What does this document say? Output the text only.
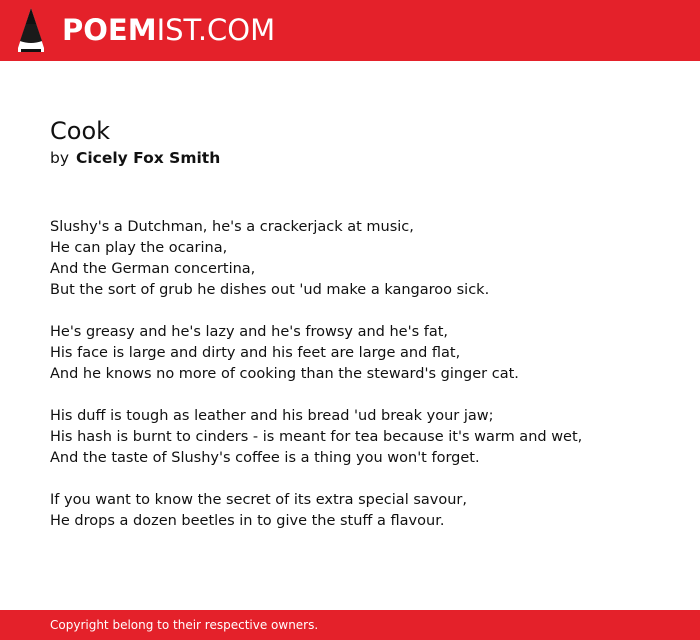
POEMIST.COM
Cook
by Cicely Fox Smith
Slushy's a Dutchman, he's a crackerjack at music,
He can play the ocarina,
And the German concertina,
But the sort of grub he dishes out 'ud make a kangaroo sick.
He's greasy and he's lazy and he's frowsy and he's fat,
His face is large and dirty and his feet are large and flat,
And he knows no more of cooking than the steward's ginger cat.
His duff is tough as leather and his bread 'ud break your jaw;
His hash is burnt to cinders - is meant for tea because it's warm and wet,
And the taste of Slushy's coffee is a thing you won't forget.
If you want to know the secret of its extra special savour,
He drops a dozen beetles in to give the stuff a flavour.
Copyright belong to their respective owners.
